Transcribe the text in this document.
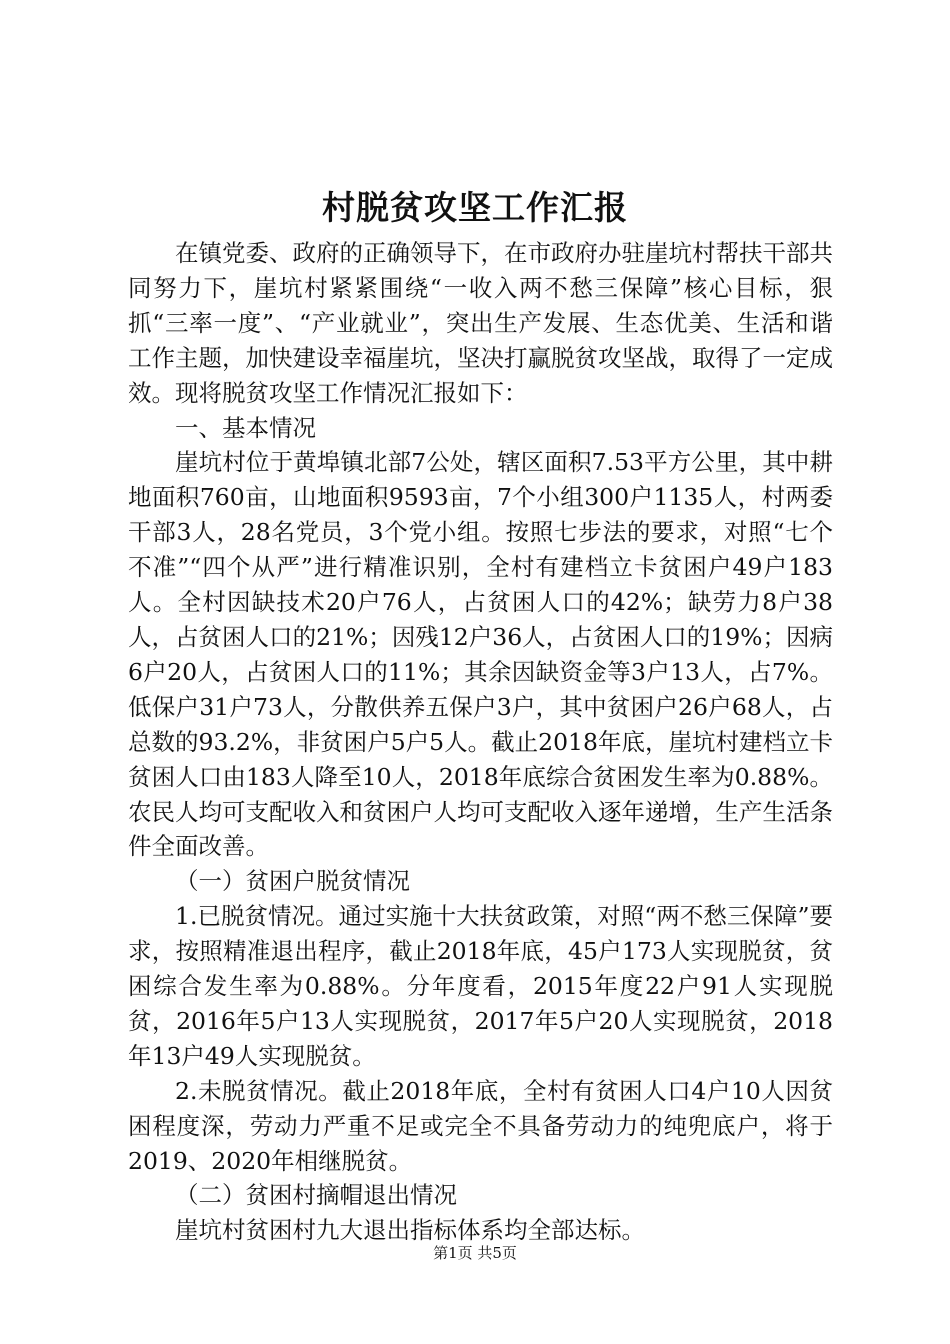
村脱贫攻坚工作汇报

在镇党委、政府的正确领导下，在市政府办驻崖坑村帮扶干部共同努力下，崖坑村紧紧围绕“一收入两不愁三保障”核心目标，狠抓“三率一度”、“产业就业”，突出生产发展、生态优美、生活和谐工作主题，加快建设幸福崖坑，坚决打赢脱贫攻坚战，取得了一定成效。现将脱贫攻坚工作情况汇报如下：

一、基本情况

崖坑村位于黄埠镇北部7公处，辖区面积7.53平方公里，其中耕地面积760亩，山地面积9593亩，7个小组300户1135人，村两委干部3人，28名党员，3个党小组。按照七步法的要求，对照“七个不准”“四个从严”进行精准识别，全村有建档立卡贫困户49户183人。全村因缺技术20户76人，占贫困人口的42%；缺劳力8户38人，占贫困人口的21%；因残12户36人，占贫困人口的19%；因病6户20人，占贫困人口的11%；其余因缺资金等3户13人，占7%。低保户31户73人，分散供养五保户3户，其中贫困户26户68人，占总数的93.2%，非贫困户5户5人。截止2018年底，崖坑村建档立卡贫困人口由183人降至10人，2018年底综合贫困发生率为0.88%。农民人均可支配收入和贫困户人均可支配收入逐年递增，生产生活条件全面改善。

（一）贫困户脱贫情况

1.已脱贫情况。通过实施十大扶贫政策，对照“两不愁三保障”要求，按照精准退出程序，截止2018年底，45户173人实现脱贫，贫困综合发生率为0.88%。分年度看，2015年度22户91人实现脱贫，2016年5户13人实现脱贫，2017年5户20人实现脱贫，2018年13户49人实现脱贫。

2.未脱贫情况。截止2018年底，全村有贫困人口4户10人因贫困程度深，劳动力严重不足或完全不具备劳动力的纯兜底户，将于2019、2020年相继脱贫。

（二）贫困村摘帽退出情况

崖坑村贫困村九大退出指标体系均全部达标。

第1页 共5页
